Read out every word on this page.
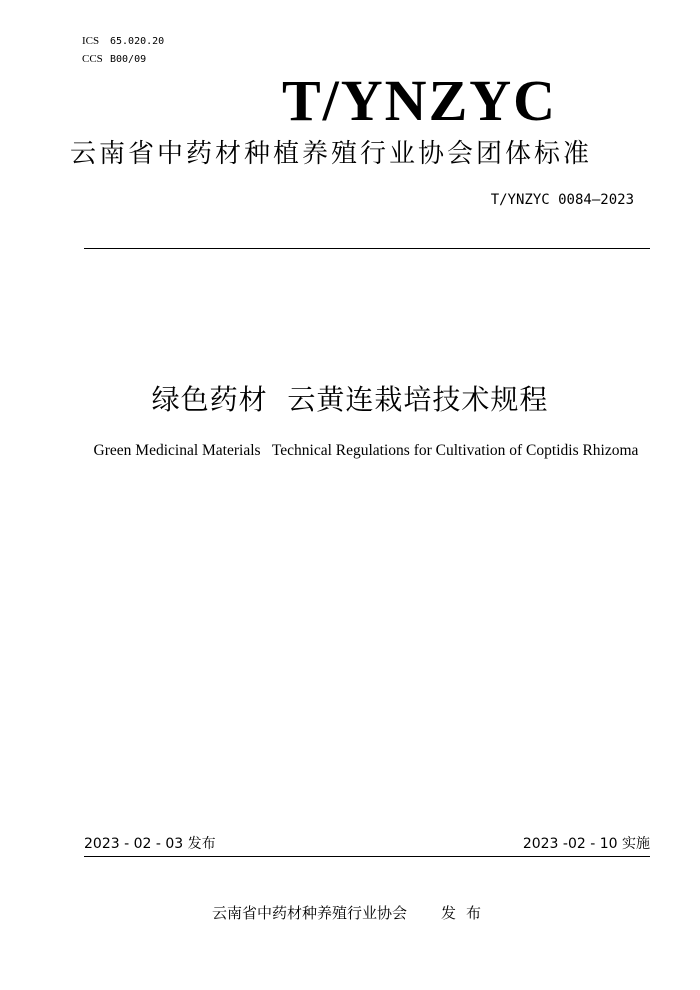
ICS 65.020.20
CCS B00/09
T/YNZYC
云南省中药材种植养殖行业协会团体标准
T/YNZYC 0084—2023
绿色药材  云黄连栽培技术规程
Green Medicinal Materials   Technical Regulations for Cultivation of Coptidis Rhizoma
2023 - 02 - 03 发布	2023 -02 - 10 实施
云南省中药材种养殖行业协会 发布
